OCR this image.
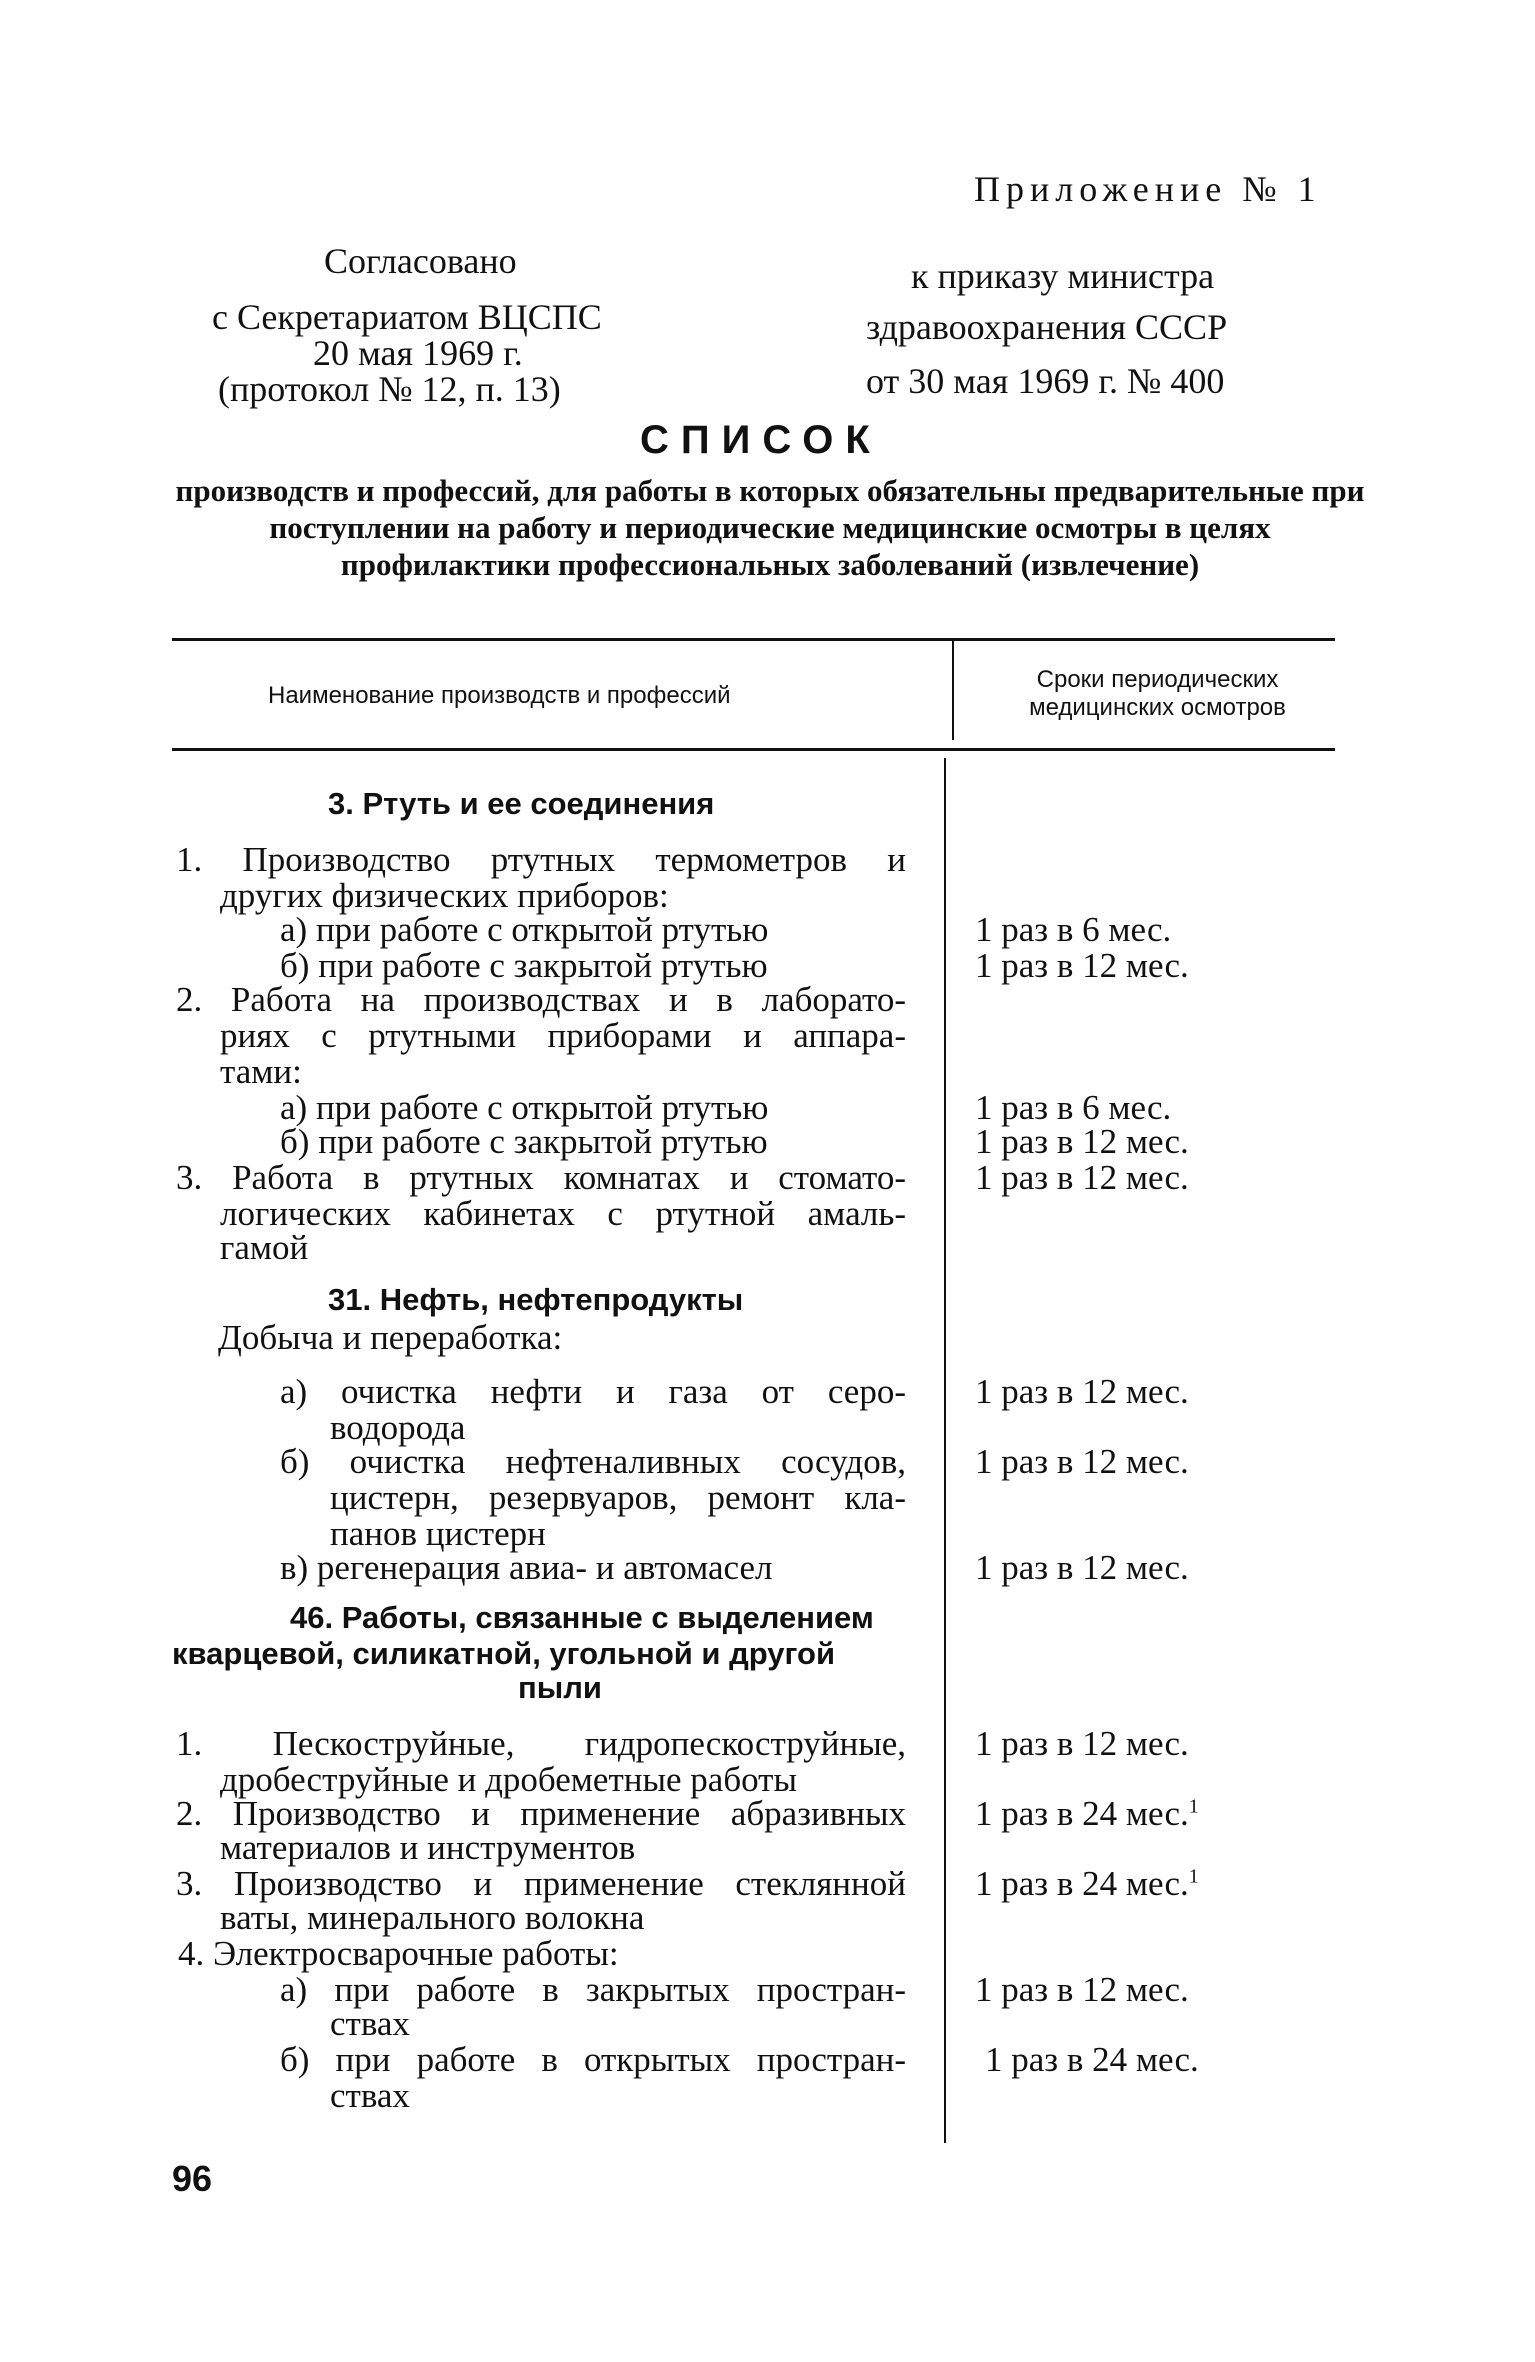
Приложение № 1
Согласовано
с Секретариатом ВЦСПС
20 мая 1969 г.
(протокол № 12, п. 13)
к приказу министра
здравоохранения СССР
от 30 мая 1969 г. № 400
СПИСОК
производств и профессий, для работы в которых обязательны предварительные при поступлении на работу и периодические медицинские осмотры в целях профилактики профессиональных заболеваний (извлечение)
Наименование производств и профессий
Сроки периодических
медицинских осмотров
3. Ртуть и ее соединения
1. Производство ртутных термометров и
других физических приборов:
а) при работе с открытой ртутью	1 раз в 6 мес.
б) при работе с закрытой ртутью	1 раз в 12 мес.
2. Работа на производствах и в лаборато-
риях с ртутными приборами и аппара-
тами:
а) при работе с открытой ртутью	1 раз в 6 мес.
б) при работе с закрытой ртутью	1 раз в 12 мес.
3. Работа в ртутных комнатах и стомато- 1 раз в 12 мес.
логических кабинетах с ртутной амаль-
гамой
31. Нефть, нефтепродукты
Добыча и переработка:
а) очистка нефти и газа от серо- 1 раз в 12 мес.
водорода
б) очистка нефтеналивных сосудов, 1 раз в 12 мес.
цистерн, резервуаров, ремонт кла-
панов цистерн
в) регенерация авиа- и автомасел	1 раз в 12 мес.
46. Работы, связанные с выделением
кварцевой, силикатной, угольной и другой
пыли
1. Пескоструйные, гидропескоструйные, 1 раз в 12 мес.
дробеструйные и дробеметные работы
2. Производство и применение абразивных 1 раз в 24 мес.$^1$
материалов и инструментов
3. Производство и применение стеклянной 1 раз в 24 мес.$^1$
ваты, минерального волокна
4. Электросварочные работы:
а) при работе в закрытых простран- 1 раз в 12 мес.
ствах
б) при работе в открытых простран- 1 раз в 24 мес.
ствах
96
